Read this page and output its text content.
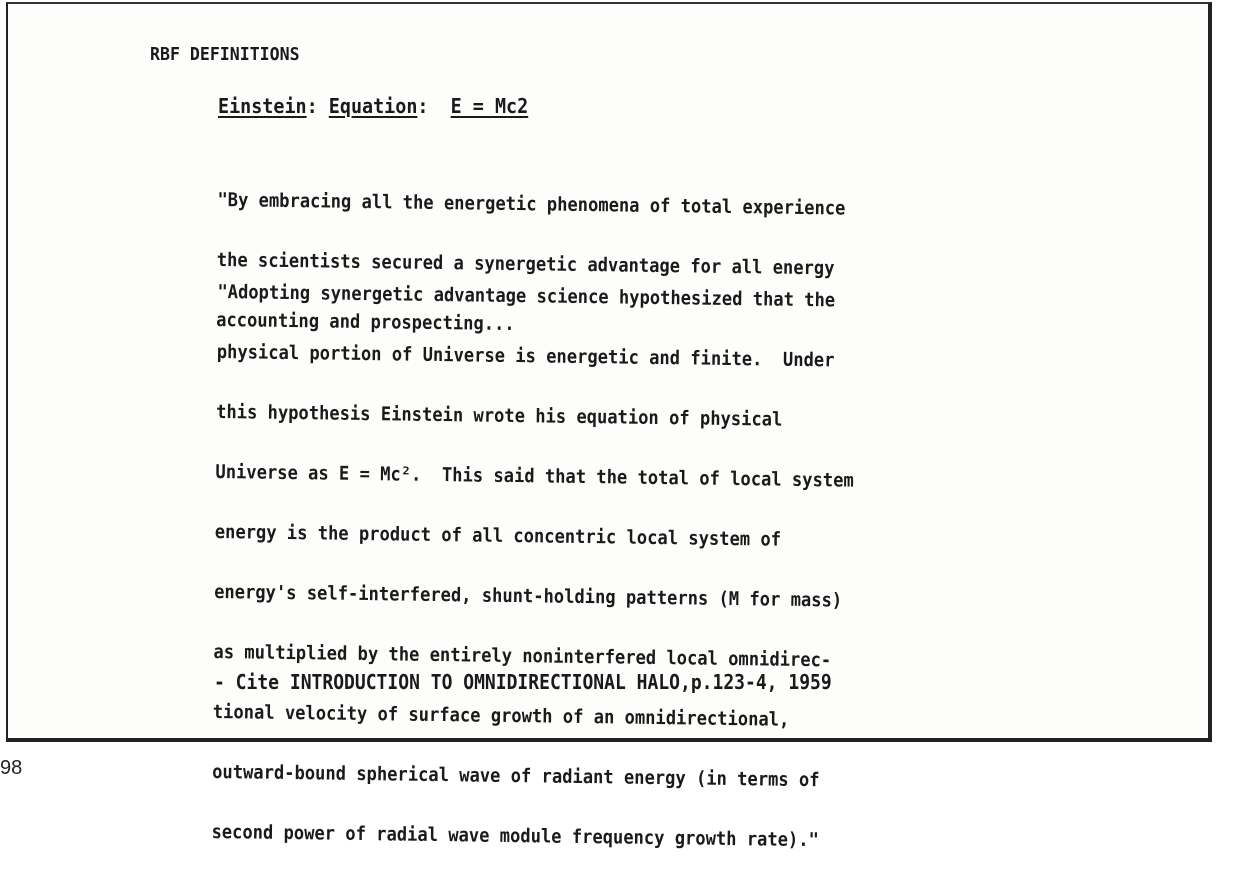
RBF DEFINITIONS
Einstein: Equation:  E = Mc2

"By embracing all the energetic phenomena of total experience

the scientists secured a synergetic advantage for all energy

accounting and prospecting...

"Adopting synergetic advantage science hypothesized that the

physical portion of Universe is energetic and finite.  Under

this hypothesis Einstein wrote his equation of physical

Universe as E = Mc².  This said that the total of local system

energy is the product of all concentric local system of

energy's self-interfered, shunt-holding patterns (M for mass)

as multiplied by the entirely noninterfered local omnidirec-

tional velocity of surface growth of an omnidirectional,

outward-bound spherical wave of radiant energy (in terms of

second power of radial wave module frequency growth rate)."

- Cite INTRODUCTION TO OMNIDIRECTIONAL HALO,p.123-4, 1959
98
